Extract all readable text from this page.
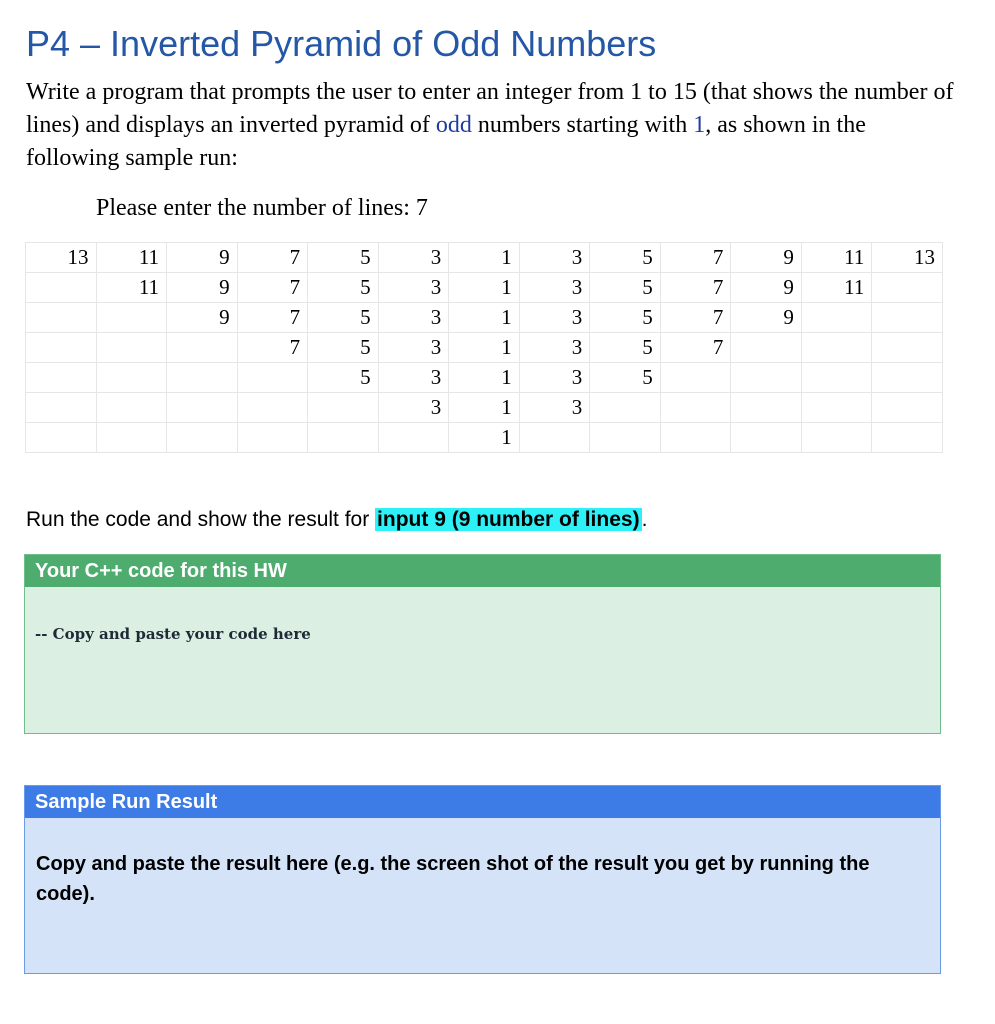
P4 – Inverted Pyramid of Odd Numbers

Write a program that prompts the user to enter an integer from 1 to 15 (that shows the number of lines) and displays an inverted pyramid of odd numbers starting with 1, as shown in the following sample run:

Please enter the number of lines: 7

13	11	9	7	5	3	1	3	5	7	9	11	13
	11	9	7	5	3	1	3	5	7	9	11	
		9	7	5	3	1	3	5	7	9		
			7	5	3	1	3	5	7			
				5	3	1	3	5				
					3	1	3					
						1						

Run the code and show the result for input 9 (9 number of lines).

Your C++ code for this HW
-- Copy and paste your code here
Sample Run Result
Copy and paste the result here (e.g. the screen shot of the result you get by running the code).
